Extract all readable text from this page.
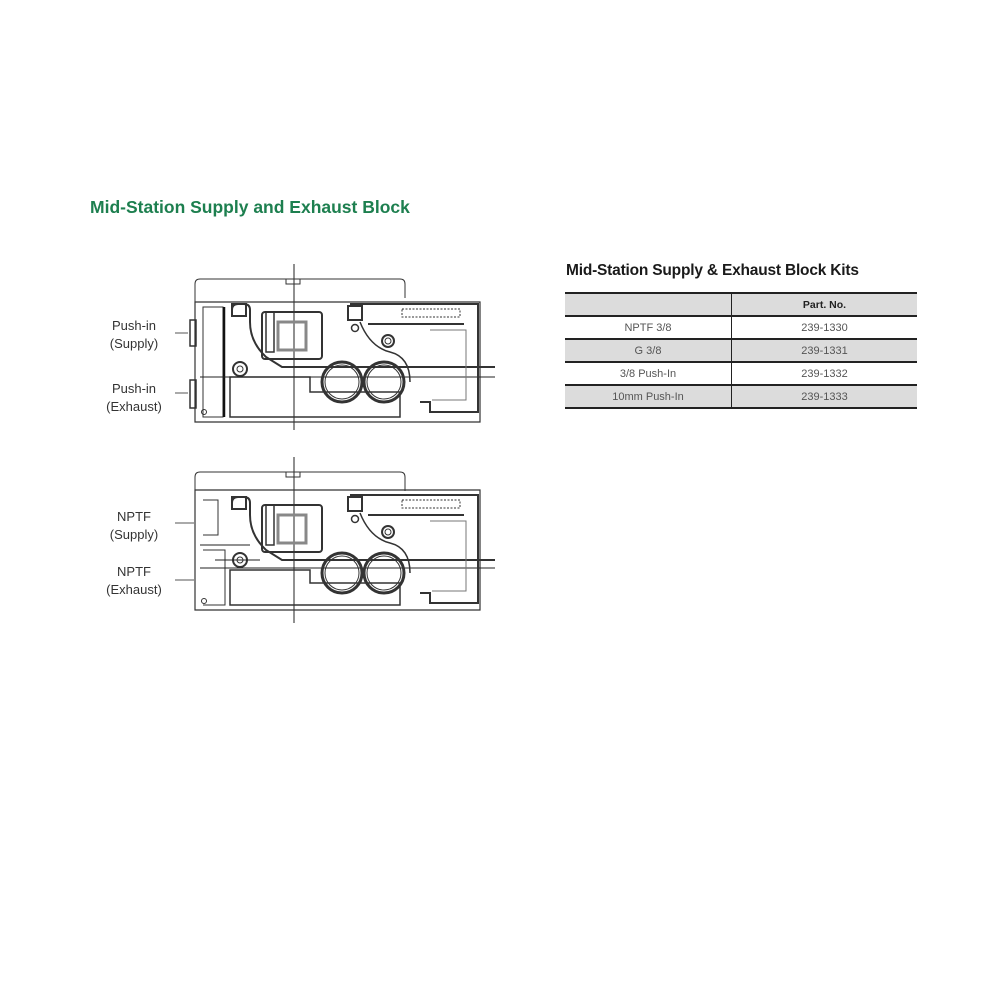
Mid-Station Supply and Exhaust Block
Push-in
(Supply)
Push-in
(Exhaust)
NPTF
(Supply)
NPTF
(Exhaust)
Mid-Station Supply & Exhaust Block Kits
	Part. No.
NPTF 3/8	239-1330
G 3/8	239-1331
3/8 Push-In	239-1332
10mm Push-In	239-1333
